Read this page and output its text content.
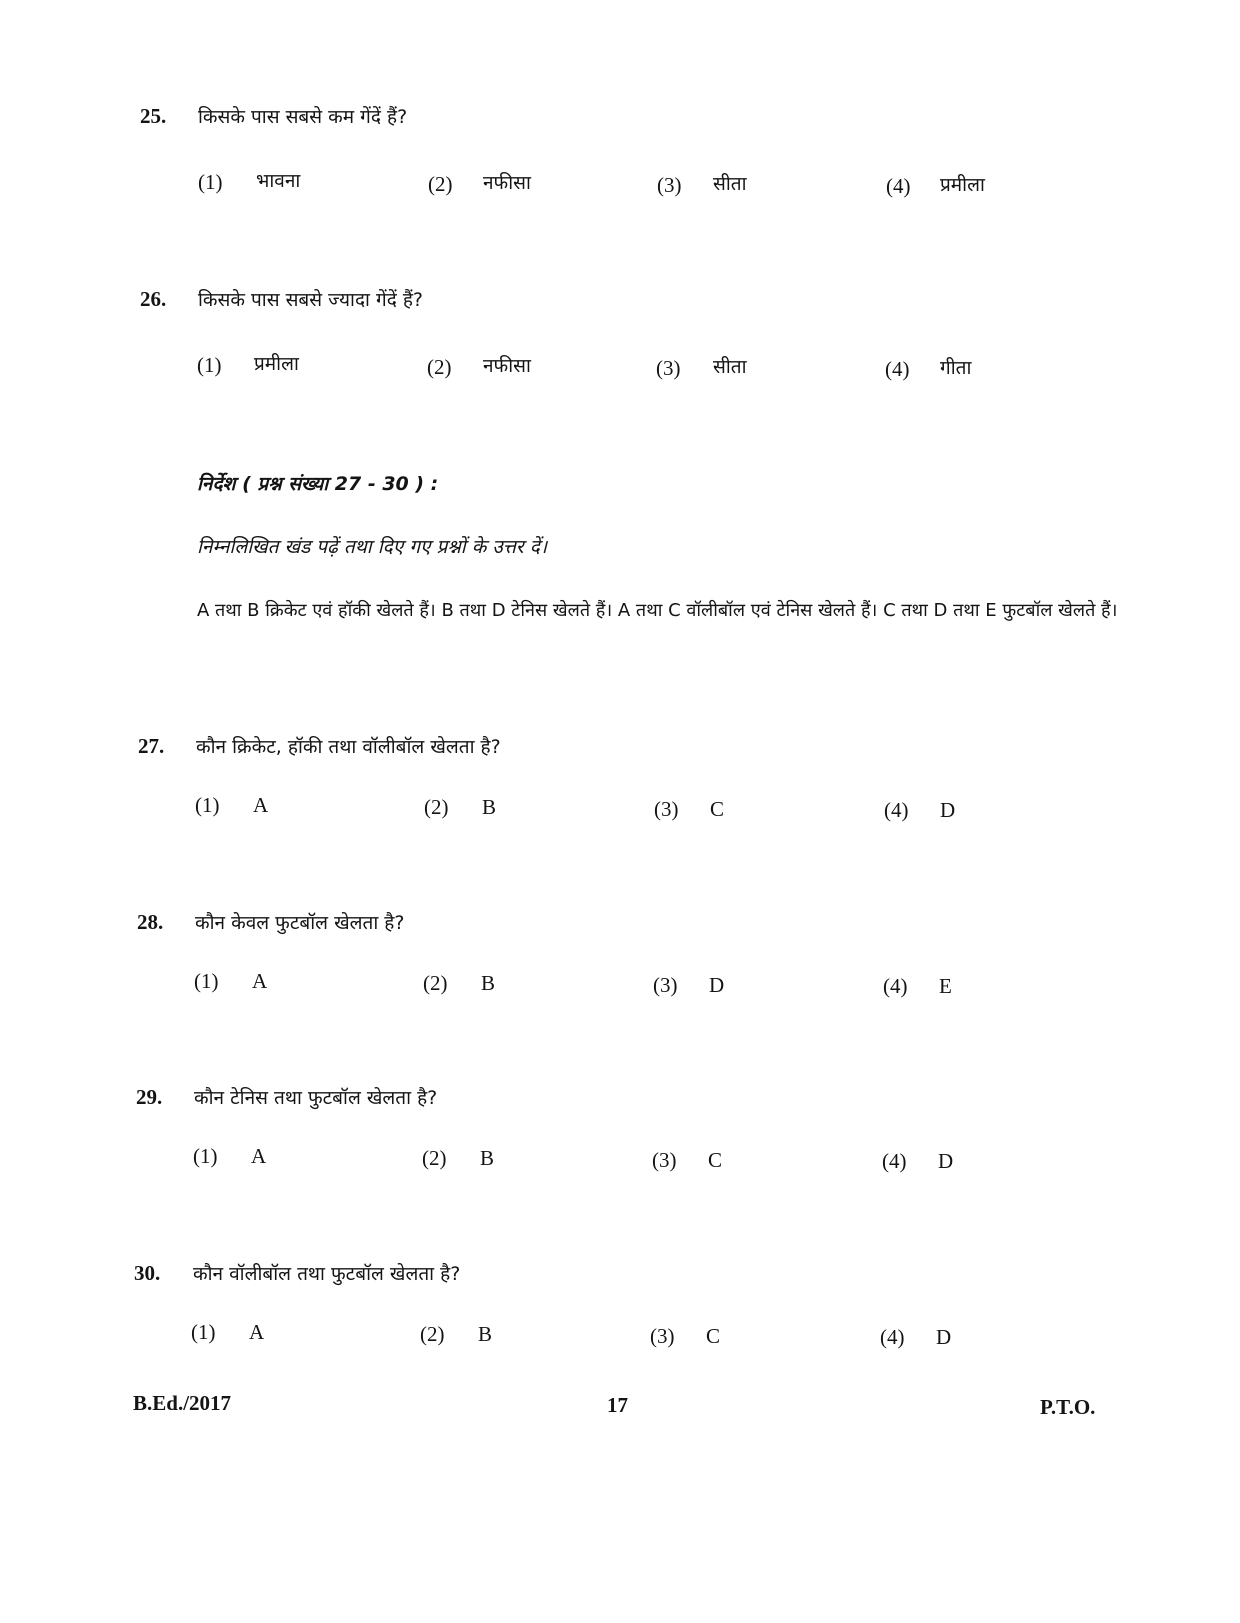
25. किसके पास सबसे कम गेंदें हैं?
(1) भावना	(2) नफीसा	(3) सीता	(4) प्रमीला
26. किसके पास सबसे ज्यादा गेंदें हैं?
(1) प्रमीला	(2) नफीसा	(3) सीता	(4) गीता
निर्देश ( प्रश्न संख्या 27 - 30 ) :
निम्नलिखित खंड पढ़ें तथा दिए गए प्रश्नों के उत्तर दें।
A तथा B क्रिकेट एवं हॉकी खेलते हैं। B तथा D टेनिस खेलते हैं। A तथा C वॉलीबॉल एवं टेनिस खेलते हैं। C तथा D तथा E फुटबॉल खेलते हैं।
27. कौन क्रिकेट, हॉकी तथा वॉलीबॉल खेलता है?
(1) A	(2) B	(3) C	(4) D
28. कौन केवल फुटबॉल खेलता है?
(1) A	(2) B	(3) D	(4) E
29. कौन टेनिस तथा फुटबॉल खेलता है?
(1) A	(2) B	(3) C	(4) D
30. कौन वॉलीबॉल तथा फुटबॉल खेलता है?
(1) A	(2) B	(3) C	(4) D
B.Ed./2017	17	P.T.O.
